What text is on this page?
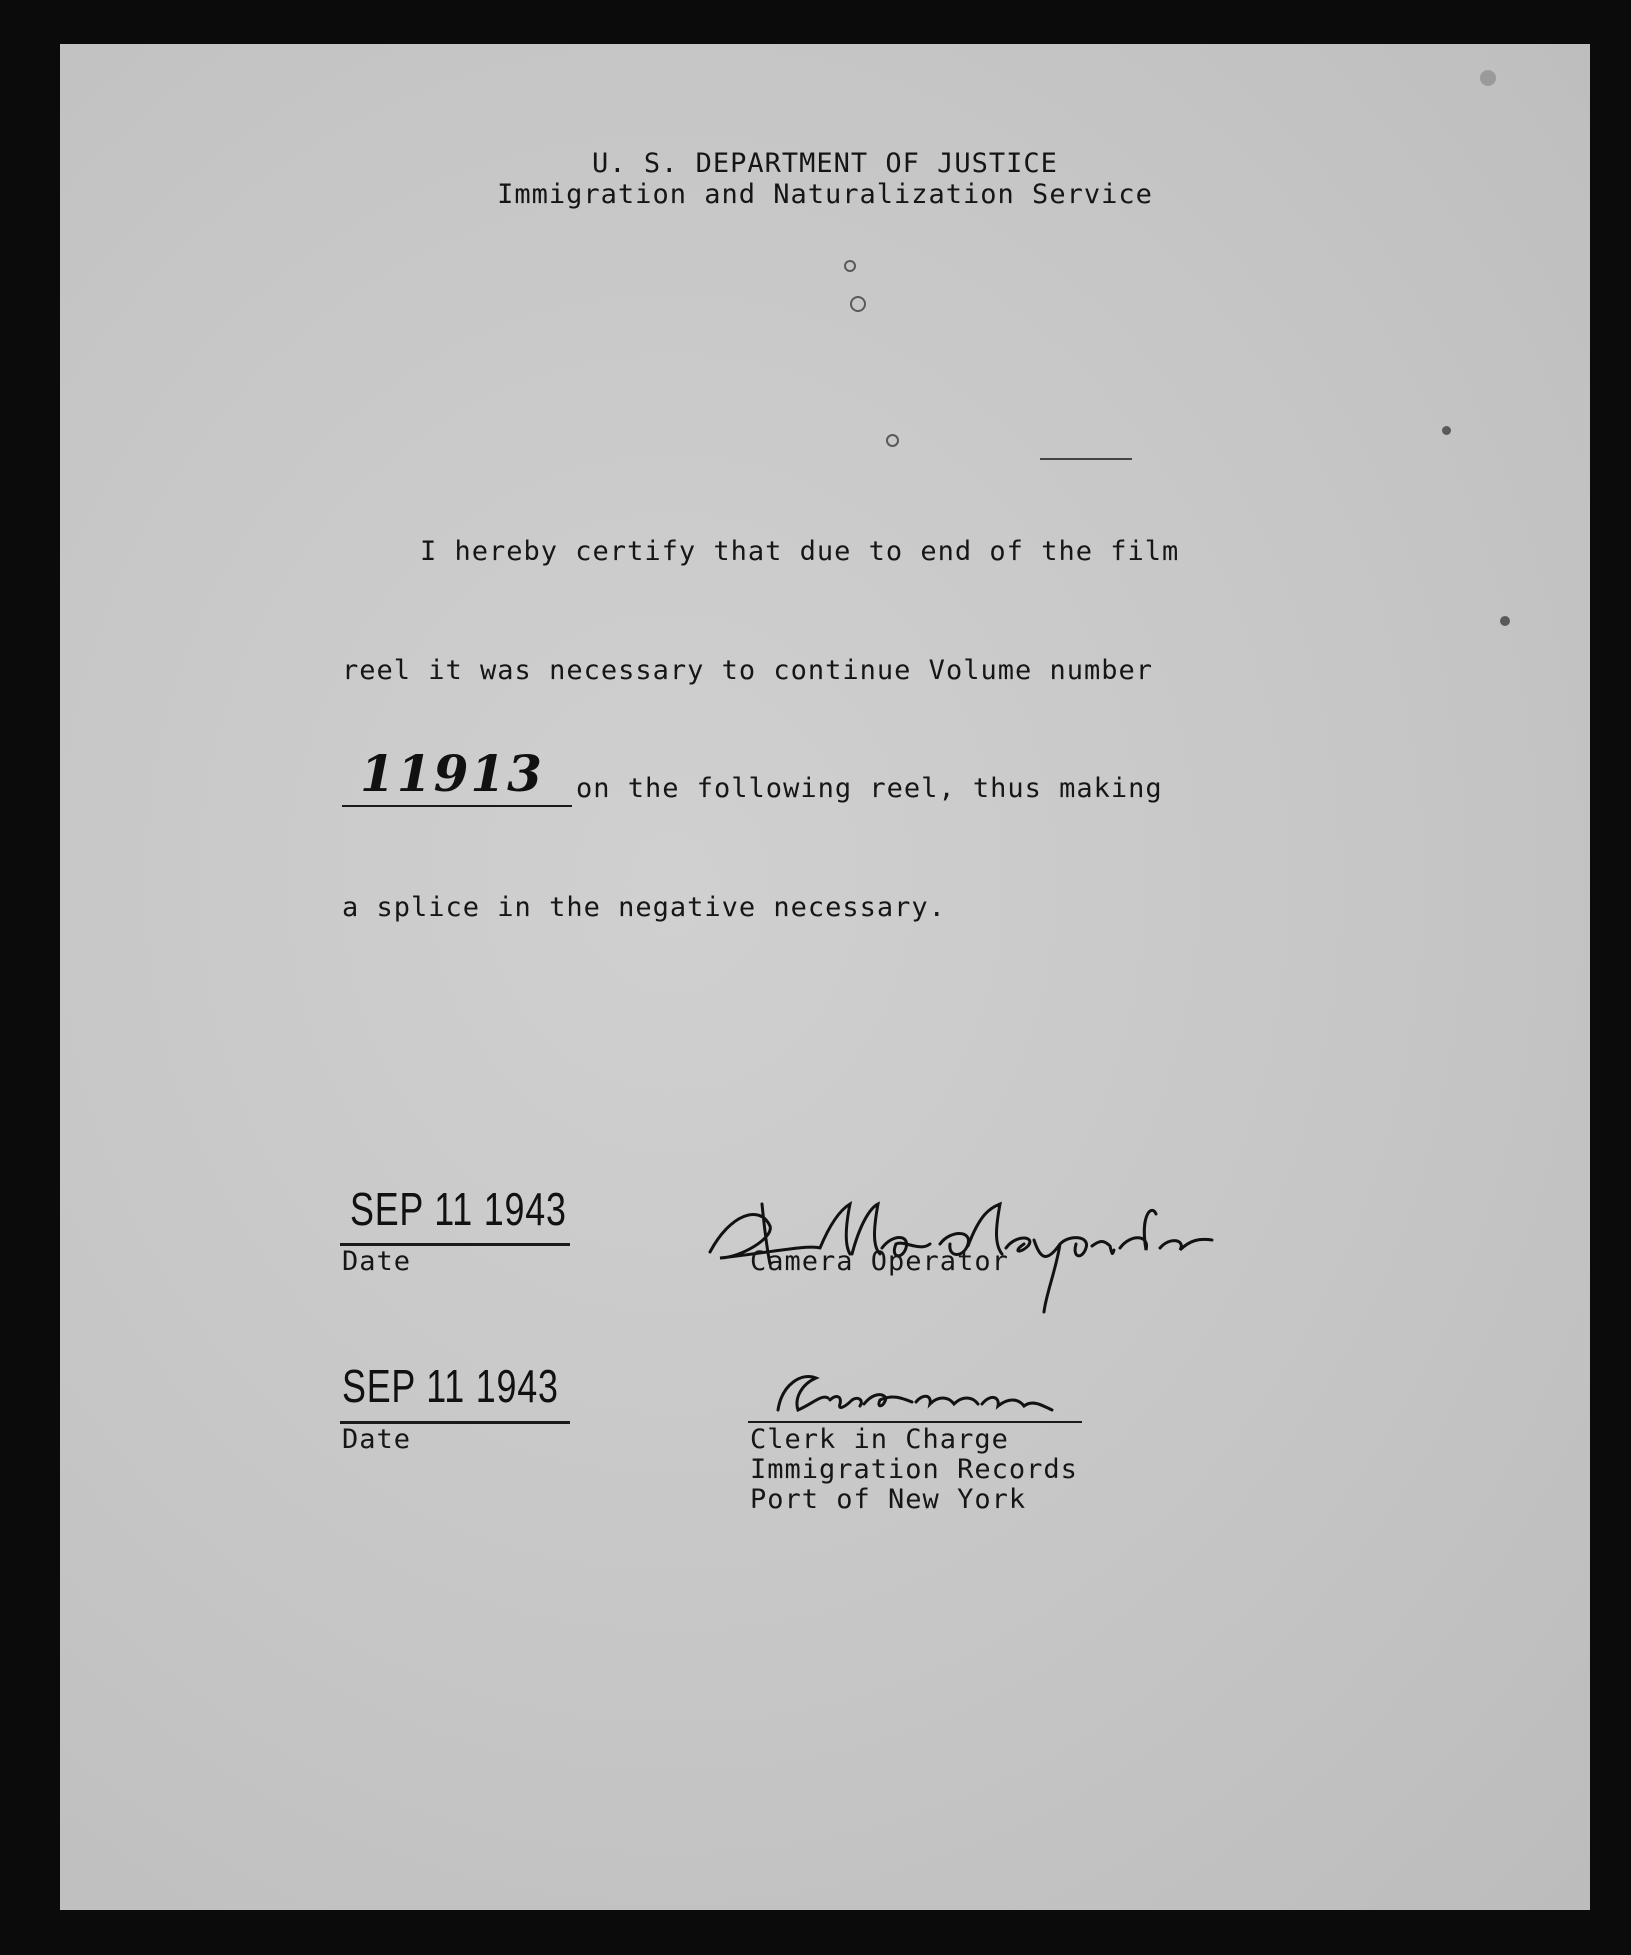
U. S. DEPARTMENT OF JUSTICE
Immigration and Naturalization Service
I hereby certify that due to end of the film
reel it was necessary to continue Volume number
11913 on the following reel, thus making
a splice in the negative necessary.
SEP 11 1943
Date	Camera Operator
SEP 11 1943
Date	Clerk in Charge
Immigration Records
Port of New York
